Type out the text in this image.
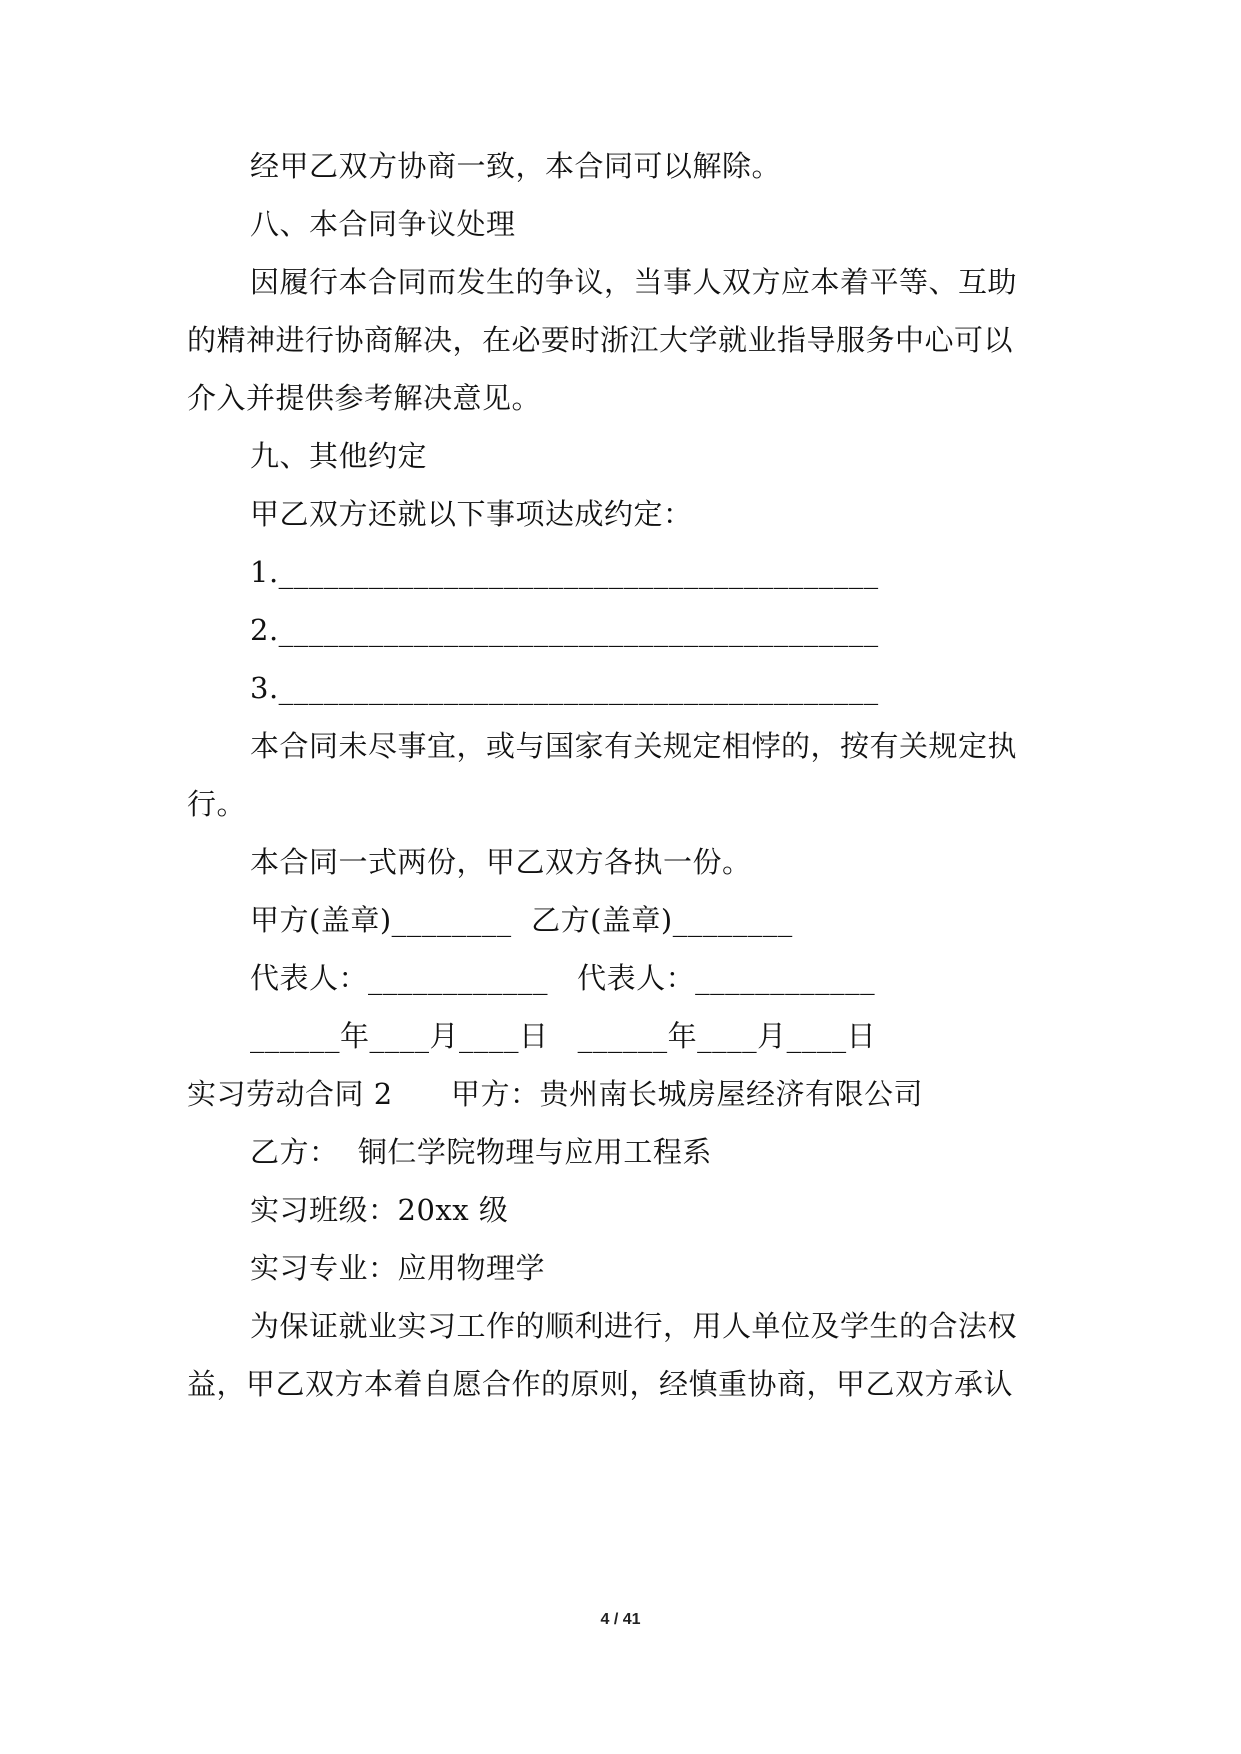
经甲乙双方协商一致，本合同可以解除。
八、本合同争议处理
因履行本合同而发生的争议，当事人双方应本着平等、互助
的精神进行协商解决，在必要时浙江大学就业指导服务中心可以
介入并提供参考解决意见。
九、其他约定
甲乙双方还就以下事项达成约定：
1.________________________________________
2.________________________________________
3.________________________________________
本合同未尽事宜，或与国家有关规定相悖的，按有关规定执
行。
本合同一式两份，甲乙双方各执一份。
甲方(盖章)________  乙方(盖章)________
代表人：____________   代表人：____________
______年____月____日   ______年____月____日
实习劳动合同 2      甲方：贵州南长城房屋经济有限公司
乙方：  铜仁学院物理与应用工程系
实习班级：20xx 级
实习专业：应用物理学
为保证就业实习工作的顺利进行，用人单位及学生的合法权
益，甲乙双方本着自愿合作的原则，经慎重协商，甲乙双方承认
4 / 41
